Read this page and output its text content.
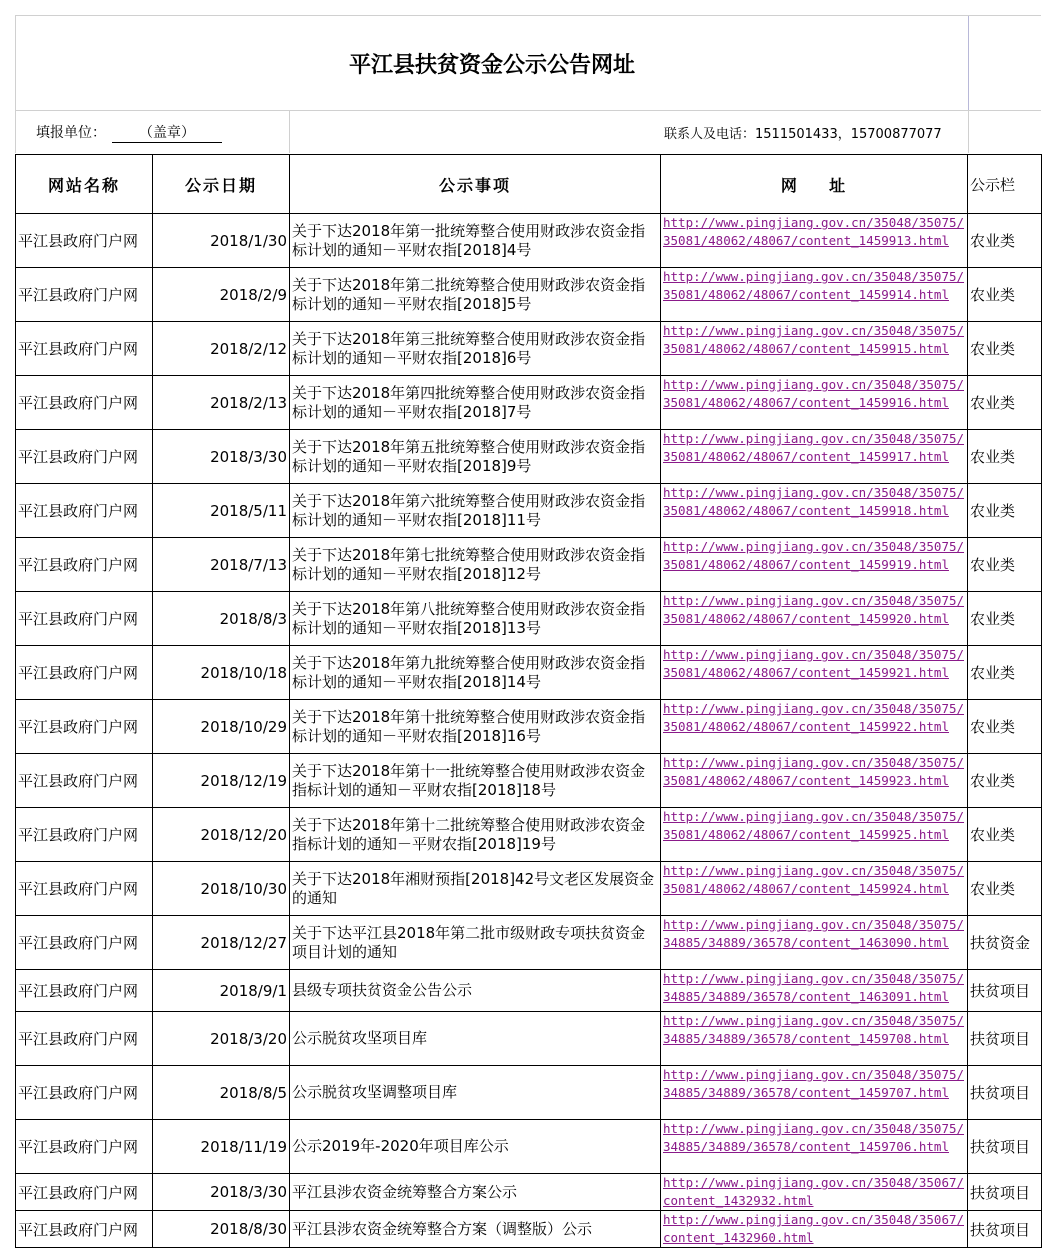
平江县扶贫资金公示公告网址
填报单位：	（盖章）	联系人及电话：1511501433，15700877077
网站名称	公示日期	公示事项	网    址	公示栏
平江县政府门户网	2018/1/30	关于下达2018年第一批统筹整合使用财政涉农资金指标计划的通知－平财农指[2018]4号	http://www.pingjiang.gov.cn/35048/35075/35081/48062/48067/content_1459913.html	农业类
平江县政府门户网	2018/2/9	关于下达2018年第二批统筹整合使用财政涉农资金指标计划的通知－平财农指[2018]5号	http://www.pingjiang.gov.cn/35048/35075/35081/48062/48067/content_1459914.html	农业类
平江县政府门户网	2018/2/12	关于下达2018年第三批统筹整合使用财政涉农资金指标计划的通知－平财农指[2018]6号	http://www.pingjiang.gov.cn/35048/35075/35081/48062/48067/content_1459915.html	农业类
平江县政府门户网	2018/2/13	关于下达2018年第四批统筹整合使用财政涉农资金指标计划的通知－平财农指[2018]7号	http://www.pingjiang.gov.cn/35048/35075/35081/48062/48067/content_1459916.html	农业类
平江县政府门户网	2018/3/30	关于下达2018年第五批统筹整合使用财政涉农资金指标计划的通知－平财农指[2018]9号	http://www.pingjiang.gov.cn/35048/35075/35081/48062/48067/content_1459917.html	农业类
平江县政府门户网	2018/5/11	关于下达2018年第六批统筹整合使用财政涉农资金指标计划的通知－平财农指[2018]11号	http://www.pingjiang.gov.cn/35048/35075/35081/48062/48067/content_1459918.html	农业类
平江县政府门户网	2018/7/13	关于下达2018年第七批统筹整合使用财政涉农资金指标计划的通知－平财农指[2018]12号	http://www.pingjiang.gov.cn/35048/35075/35081/48062/48067/content_1459919.html	农业类
平江县政府门户网	2018/8/3	关于下达2018年第八批统筹整合使用财政涉农资金指标计划的通知－平财农指[2018]13号	http://www.pingjiang.gov.cn/35048/35075/35081/48062/48067/content_1459920.html	农业类
平江县政府门户网	2018/10/18	关于下达2018年第九批统筹整合使用财政涉农资金指标计划的通知－平财农指[2018]14号	http://www.pingjiang.gov.cn/35048/35075/35081/48062/48067/content_1459921.html	农业类
平江县政府门户网	2018/10/29	关于下达2018年第十批统筹整合使用财政涉农资金指标计划的通知－平财农指[2018]16号	http://www.pingjiang.gov.cn/35048/35075/35081/48062/48067/content_1459922.html	农业类
平江县政府门户网	2018/12/19	关于下达2018年第十一批统筹整合使用财政涉农资金指标计划的通知－平财农指[2018]18号	http://www.pingjiang.gov.cn/35048/35075/35081/48062/48067/content_1459923.html	农业类
平江县政府门户网	2018/12/20	关于下达2018年第十二批统筹整合使用财政涉农资金指标计划的通知－平财农指[2018]19号	http://www.pingjiang.gov.cn/35048/35075/35081/48062/48067/content_1459925.html	农业类
平江县政府门户网	2018/10/30	关于下达2018年湘财预指[2018]42号文老区发展资金的通知	http://www.pingjiang.gov.cn/35048/35075/35081/48062/48067/content_1459924.html	农业类
平江县政府门户网	2018/12/27	关于下达平江县2018年第二批市级财政专项扶贫资金项目计划的通知	http://www.pingjiang.gov.cn/35048/35075/34885/34889/36578/content_1463090.html	扶贫资金
平江县政府门户网	2018/9/1	县级专项扶贫资金公告公示	http://www.pingjiang.gov.cn/35048/35075/34885/34889/36578/content_1463091.html	扶贫项目
平江县政府门户网	2018/3/20	公示脱贫攻坚项目库	http://www.pingjiang.gov.cn/35048/35075/34885/34889/36578/content_1459708.html	扶贫项目
平江县政府门户网	2018/8/5	公示脱贫攻坚调整项目库	http://www.pingjiang.gov.cn/35048/35075/34885/34889/36578/content_1459707.html	扶贫项目
平江县政府门户网	2018/11/19	公示2019年-2020年项目库公示	http://www.pingjiang.gov.cn/35048/35075/34885/34889/36578/content_1459706.html	扶贫项目
平江县政府门户网	2018/3/30	平江县涉农资金统筹整合方案公示	http://www.pingjiang.gov.cn/35048/35067/content_1432932.html	扶贫项目
平江县政府门户网	2018/8/30	平江县涉农资金统筹整合方案（调整版）公示	http://www.pingjiang.gov.cn/35048/35067/content_1432960.html	扶贫项目
